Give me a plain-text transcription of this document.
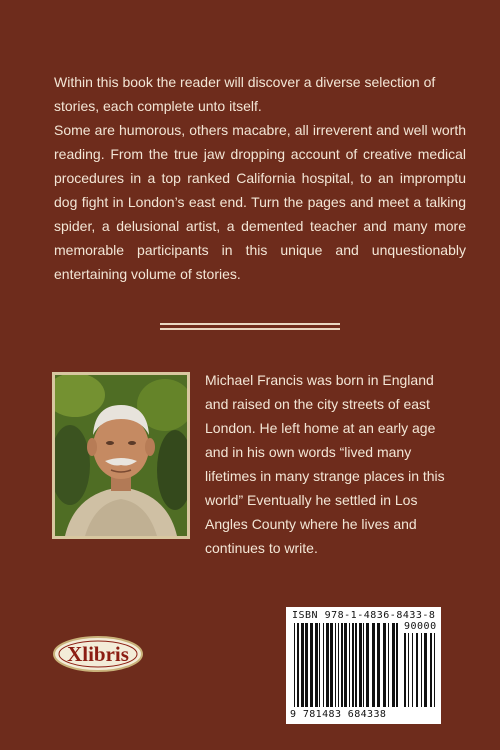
Within this book the reader will discover a diverse selection of stories, each complete unto itself.

Some are humorous, others macabre, all irreverent and well worth reading. From the true jaw dropping account of creative medical procedures in a top ranked California hospital, to an impromptu dog fight in London’s east end. Turn the pages and meet a talking spider, a delusional artist, a demented teacher and many more memorable participants in this unique and unquestionably entertaining volume of stories.

Michael Francis was born in England and raised on the city streets of east London. He left home at an early age and in his own words “lived many lifetimes in many strange places in this world” Eventually he settled in Los Angles County where he lives and continues to write.
Xlibris
ISBN 978-1-4836-8433-8
90000
9 781483 684338
